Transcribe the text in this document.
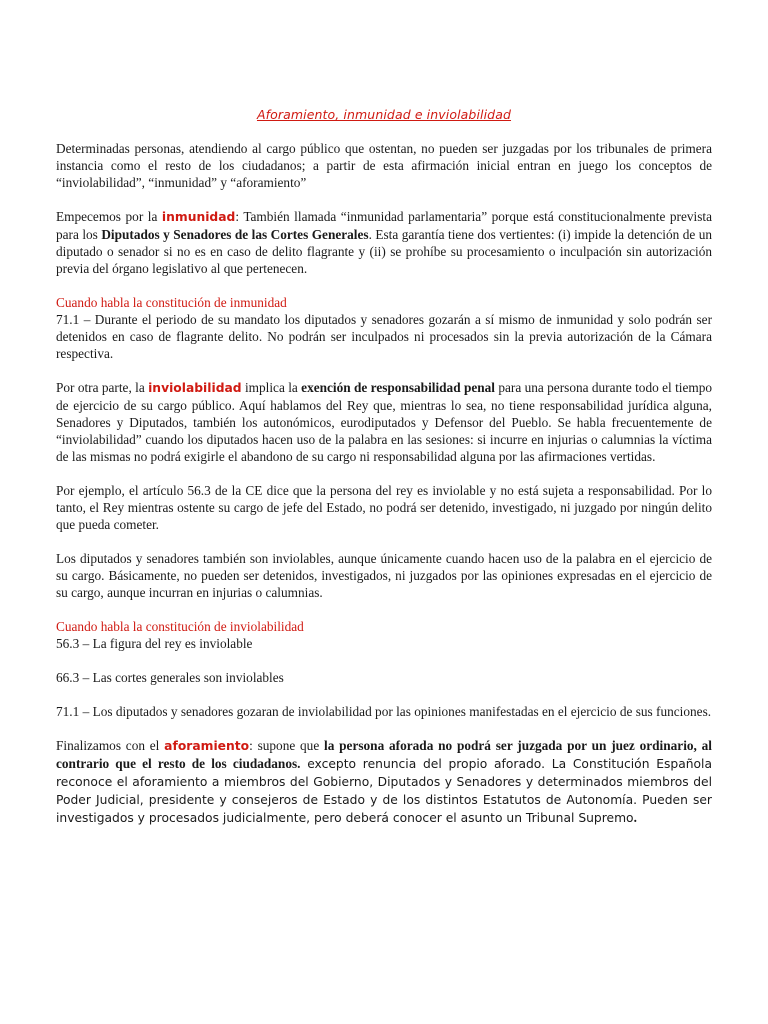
Aforamiento, inmunidad e inviolabilidad

Determinadas personas, atendiendo al cargo público que ostentan, no pueden ser juzgadas por los tribunales de primera instancia como el resto de los ciudadanos; a partir de esta afirmación inicial entran en juego los conceptos de “inviolabilidad”, “inmunidad” y “aforamiento”

Empecemos por la inmunidad: También llamada “inmunidad parlamentaria” porque está constitucionalmente prevista para los Diputados y Senadores de las Cortes Generales. Esta garantía tiene dos vertientes: (i) impide la detención de un diputado o senador si no es en caso de delito flagrante y (ii) se prohíbe su procesamiento o inculpación sin autorización previa del órgano legislativo al que pertenecen.

Cuando habla la constitución de inmunidad

71.1 – Durante el periodo de su mandato los diputados y senadores gozarán a sí mismo de inmunidad y solo podrán ser detenidos en caso de flagrante delito. No podrán ser inculpados ni procesados sin la previa autorización de la Cámara respectiva.

Por otra parte, la inviolabilidad implica la exención de responsabilidad penal para una persona durante todo el tiempo de ejercicio de su cargo público. Aquí hablamos del Rey que, mientras lo sea, no tiene responsabilidad jurídica alguna, Senadores y Diputados, también los autonómicos, eurodiputados y Defensor del Pueblo. Se habla frecuentemente de “inviolabilidad” cuando los diputados hacen uso de la palabra en las sesiones: si incurre en injurias o calumnias la víctima de las mismas no podrá exigirle el abandono de su cargo ni responsabilidad alguna por las afirmaciones vertidas.

Por ejemplo, el artículo 56.3 de la CE dice que la persona del rey es inviolable y no está sujeta a responsabilidad. Por lo tanto, el Rey mientras ostente su cargo de jefe del Estado, no podrá ser detenido, investigado, ni juzgado por ningún delito que pueda cometer.

Los diputados y senadores también son inviolables, aunque únicamente cuando hacen uso de la palabra en el ejercicio de su cargo. Básicamente, no pueden ser detenidos, investigados, ni juzgados por las opiniones expresadas en el ejercicio de su cargo, aunque incurran en injurias o calumnias.

Cuando habla la constitución de inviolabilidad

56.3 – La figura del rey es inviolable

66.3 – Las cortes generales son inviolables

71.1 – Los diputados y senadores gozaran de inviolabilidad por las opiniones manifestadas en el ejercicio de sus funciones.

Finalizamos con el aforamiento: supone que la persona aforada no podrá ser juzgada por un juez ordinario, al contrario que el resto de los ciudadanos. excepto renuncia del propio aforado. La Constitución Española reconoce el aforamiento a miembros del Gobierno, Diputados y Senadores y determinados miembros del Poder Judicial, presidente y consejeros de Estado y de los distintos Estatutos de Autonomía. Pueden ser investigados y procesados judicialmente, pero deberá conocer el asunto un Tribunal Supremo.
